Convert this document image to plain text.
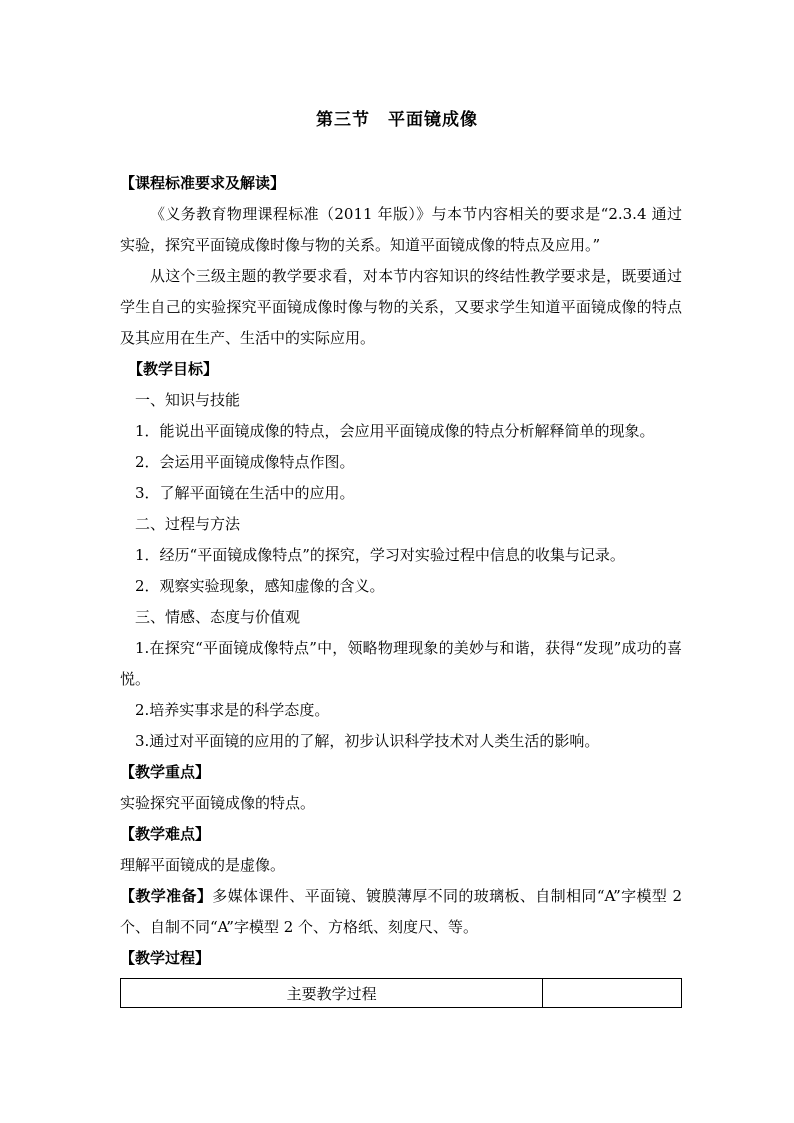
第三节　平面镜成像

【课程标准要求及解读】

《义务教育物理课程标准（2011 年版）》与本节内容相关的要求是“2.3.4 通过实验，探究平面镜成像时像与物的关系。知道平面镜成像的特点及应用。”

从这个三级主题的教学要求看，对本节内容知识的终结性教学要求是，既要通过学生自己的实验探究平面镜成像时像与物的关系，又要求学生知道平面镜成像的特点及其应用在生产、生活中的实际应用。

【教学目标】

一、知识与技能

1．能说出平面镜成像的特点，会应用平面镜成像的特点分析解释简单的现象。

2．会运用平面镜成像特点作图。

3．了解平面镜在生活中的应用。

二、过程与方法

1．经历“平面镜成像特点”的探究，学习对实验过程中信息的收集与记录。

2．观察实验现象，感知虚像的含义。

三、情感、态度与价值观

1.在探究“平面镜成像特点”中，领略物理现象的美妙与和谐，获得“发现”成功的喜悦。

2.培养实事求是的科学态度。

3.通过对平面镜的应用的了解，初步认识科学技术对人类生活的影响。

【教学重点】

实验探究平面镜成像的特点。

【教学难点】

理解平面镜成的是虚像。

【教学准备】多媒体课件、平面镜、镀膜薄厚不同的玻璃板、自制相同“A”字模型 2 个、自制不同“A”字模型 2 个、方格纸、刻度尺、等。

【教学过程】

主要教学过程	
